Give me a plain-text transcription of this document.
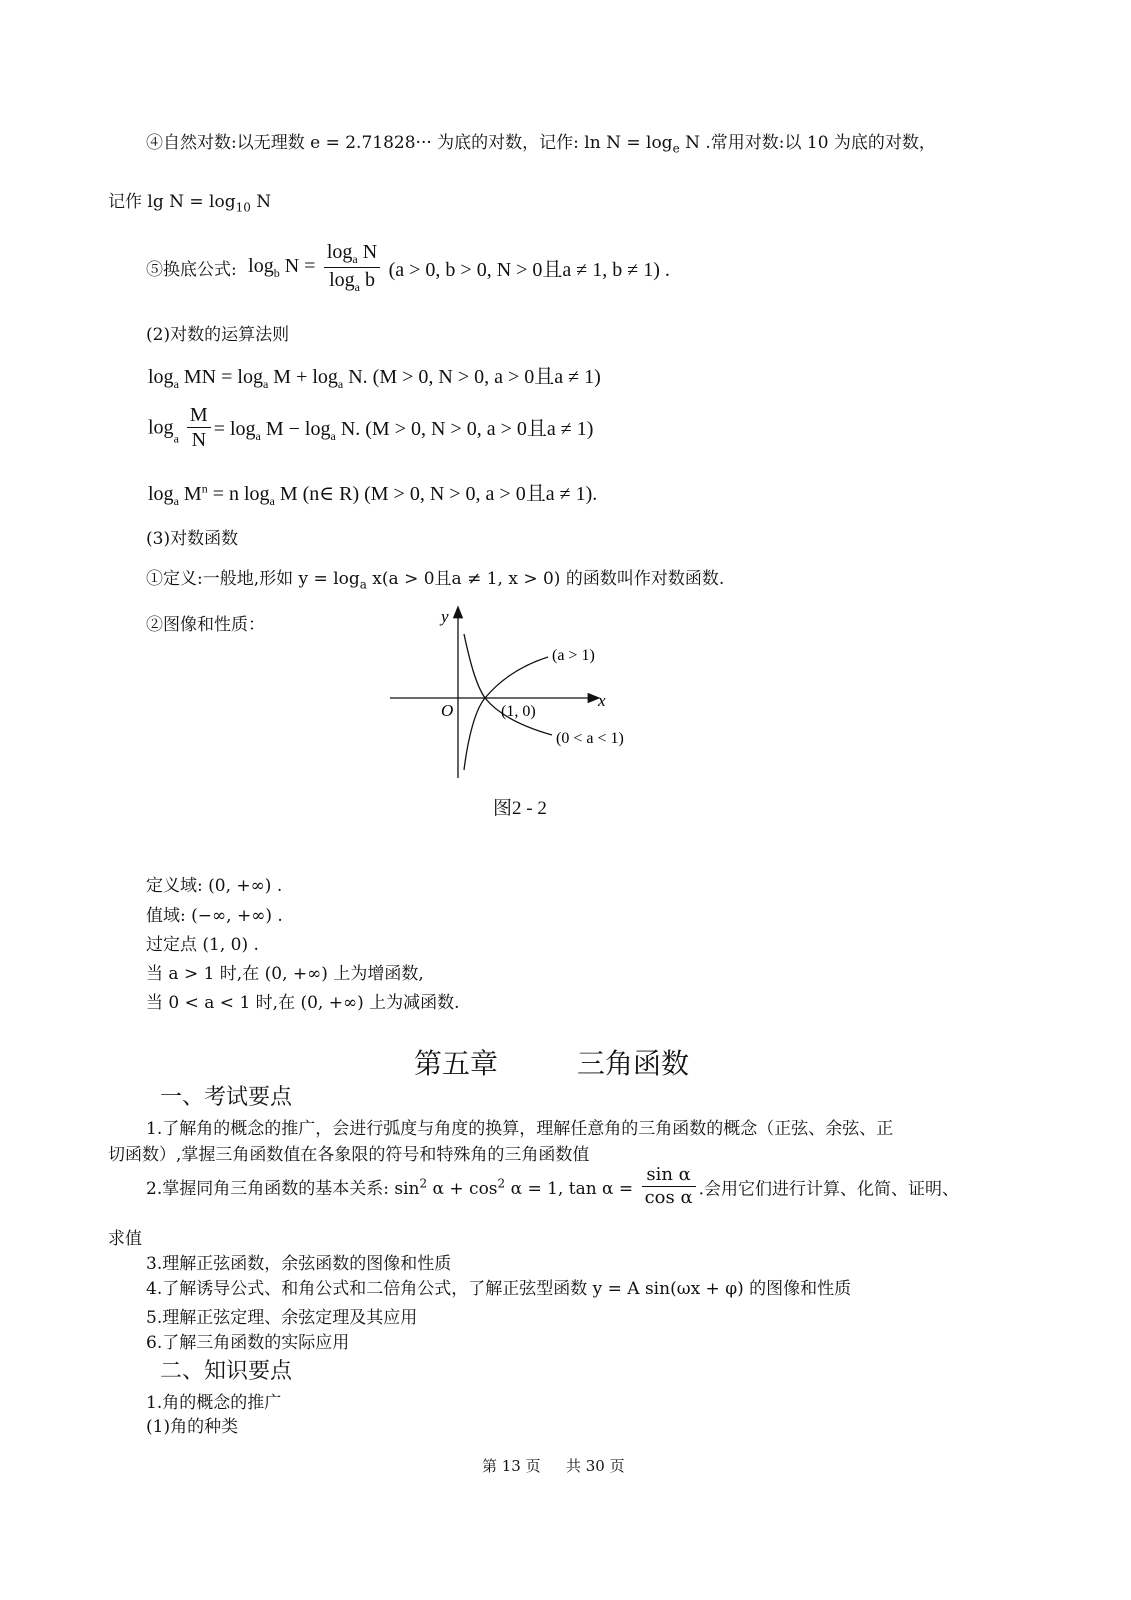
④自然对数:以无理数 e = 2.71828··· 为底的对数，记作: $\ln N = \log_e N$ .常用对数:以 10 为底的对数，
记作 $\lg N = \log_{10} N$
⑤换底公式: $\log_b N = \frac{\log_a N}{\log_a b} (a > 0$, b > 0, N > 0且a ≠ 1, b ≠ 1) .
(2)对数的运算法则
$\log_a$ MN = $\log_a M + \log_a N$. (M > 0, N > 0, a > 0且a ≠ 1)
$\log_a \frac{M}{N} = \log_a M - \log_a N$. (M > 0, N > 0, a > 0且a ≠ 1)
$\log_a M^n = n$ $\log_a M$ (n∈ R) (M > 0, N > 0, a > 0且a ≠ 1).
(3)对数函数
①定义:一般地,形如 $y = \log_a x(a > 0$且a ≠ 1, x > 0) 的函数叫作对数函数.
②图像和性质：	y
x
O	(1, 0)
(a > 1)
(0 < a < 1)
图2 - 2
定义域: (0, +∞) .
值域: (−∞, +∞) .
过定点 (1, 0) .
当 a > 1 时,在 (0, +∞) 上为增函数,
当 0 < a < 1 时,在 (0, +∞) 上为减函数.
第五章	三角函数
一、考试要点
1.了解角的概念的推广，会进行弧度与角度的换算，理解任意角的三角函数的概念（正弦、余弦、正
切函数）,掌握三角函数值在各象限的符号和特殊角的三角函数值
2.掌握同角三角函数的基本关系: $\sin^2 \alpha + \cos^2 \alpha = 1$, $\tan \alpha = \frac{\text{sin α}}{\text{cos α}}$ .会用它们进行计算、化简、证明、
求值
3.理解正弦函数，余弦函数的图像和性质
4.了解诱导公式、和角公式和二倍角公式，了解正弦型函数 y = A sin(ωx + φ) 的图像和性质
5.理解正弦定理、余弦定理及其应用
6.了解三角函数的实际应用
二、知识要点
1.角的概念的推广
(1)角的种类
第 13 页 共 30 页
